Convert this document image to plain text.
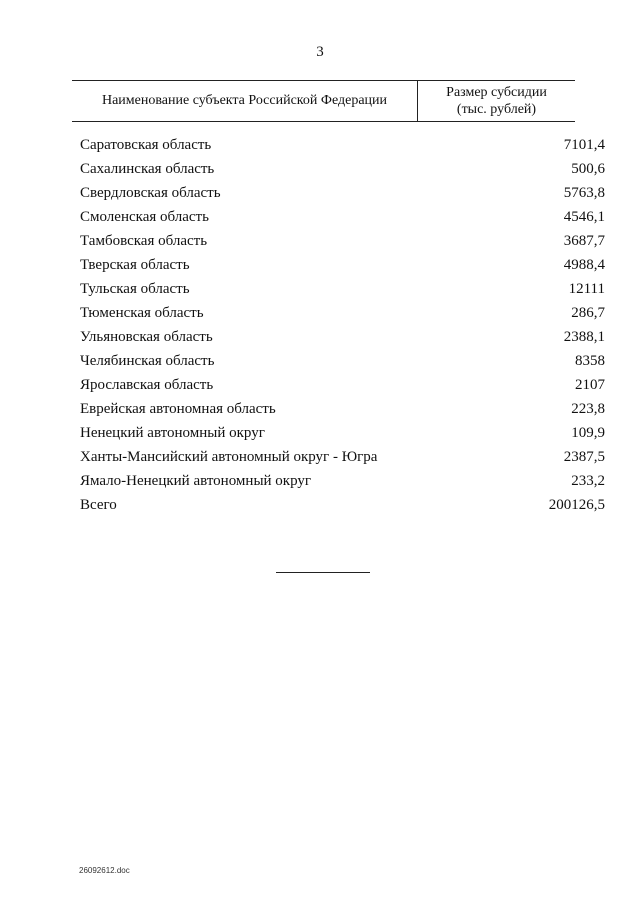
3
Наименование субъекта Российской Федерации
Размер субсидии
(тыс. рублей)
Саратовская область	7101,4
Сахалинская область	500,6
Свердловская область	5763,8
Смоленская область	4546,1
Тамбовская область	3687,7
Тверская область	4988,4
Тульская область	12111
Тюменская область	286,7
Ульяновская область	2388,1
Челябинская область	8358
Ярославская область	2107
Еврейская автономная область	223,8
Ненецкий автономный округ	109,9
Ханты-Мансийский автономный округ - Югра	2387,5
Ямало-Ненецкий автономный округ	233,2
Всего	200126,5
26092612.doc
